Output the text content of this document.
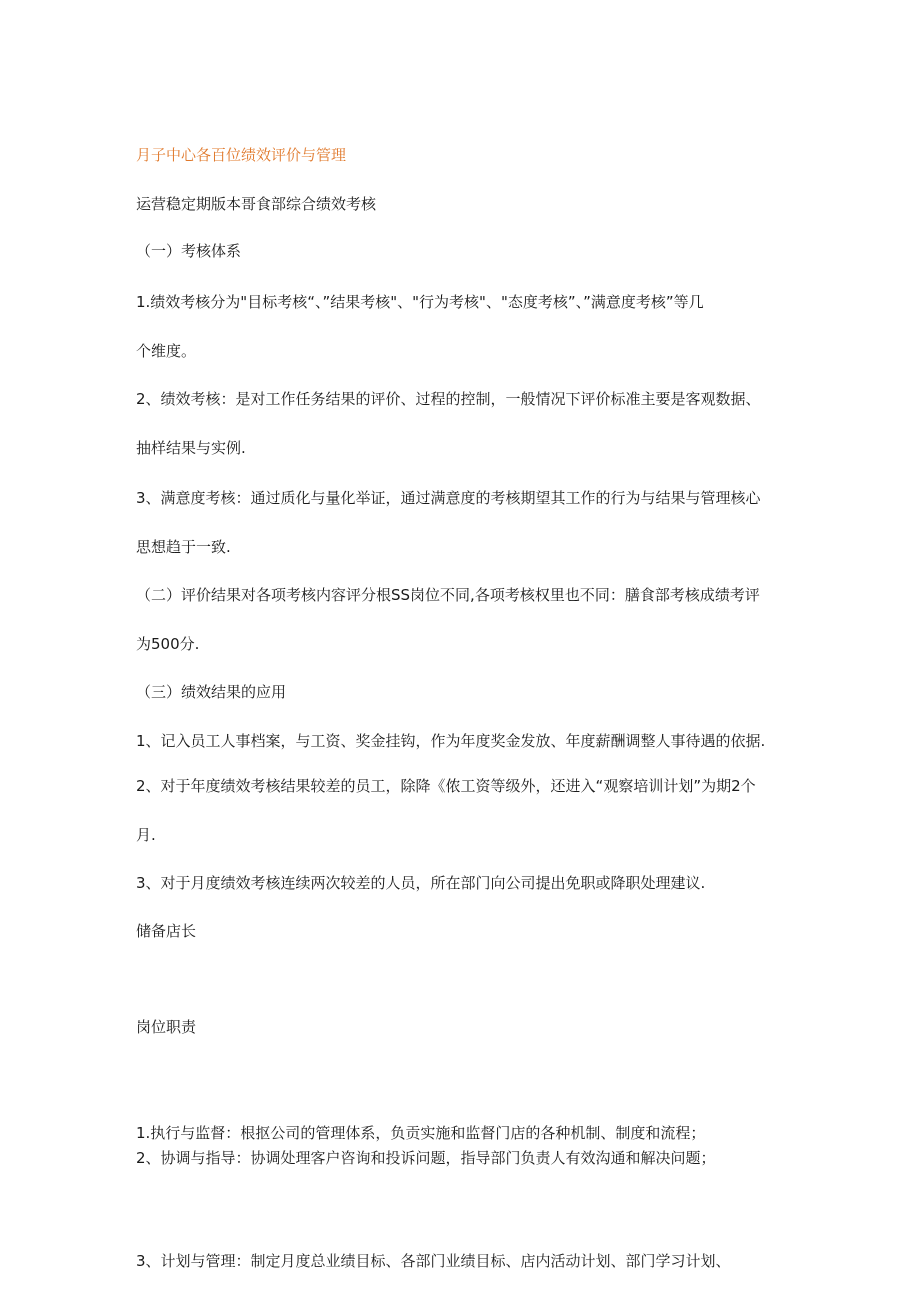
月子中心各百位绩效评价与管理
运营稳定期版本哥食部综合绩效考核
（一）考核体系
1.绩效考核分为"目标考核“、”结果考核"、"行为考核"、"态度考核”、”满意度考核”等几
个维度。
2、绩效考核：是对工作任务结果的评价、过程的控制，一般情况下评价标准主要是客观数据、
抽样结果与实例.
3、满意度考核：通过质化与量化举证，通过满意度的考核期望其工作的行为与结果与管理核心
思想趋于一致.
（二）评价结果对各项考核内容评分根SS岗位不同,各项考核权里也不同：膳食部考核成绩考评
为500分.
（三）绩效结果的应用
1、记入员工人事档案，与工资、奖金挂钩，作为年度奖金发放、年度薪酬调整人事待遇的依据.
2、对于年度绩效考核结果较差的员工，除降《侬工资等级外，还进入“观察培训计划”为期2个
月.
3、对于月度绩效考核连续两次较差的人员，所在部门向公司提出免职或降职处理建议.
储备店长
岗位职责
1.执行与监督：根抠公司的管理体系，负贡实施和监督门店的各种机制、制度和流程；
2、协调与指导：协调处理客户咨询和投诉问题，指导部门负责人有效沟通和解决问题；
3、计划与管理：制定月度总业绩目标、各部门业绩目标、店内活动计划、部门学习计划、
